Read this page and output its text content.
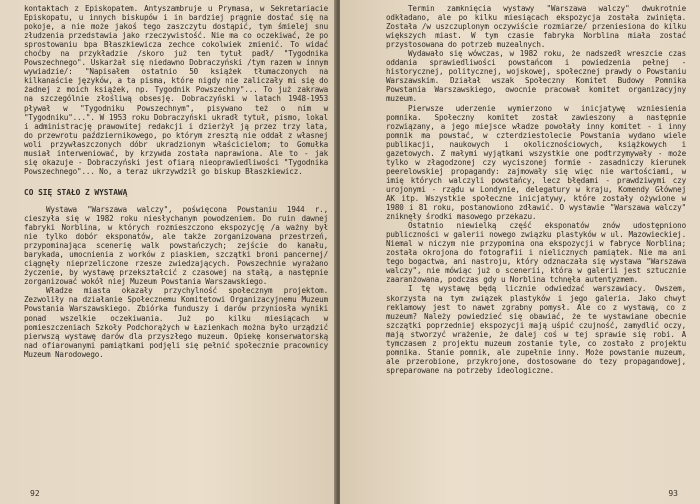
kontaktach z Episkopatem. Antyszambruje u Prymasa, w Sekretariacie Episkopatu, u innych biskupów i in bardziej prągnie dostać się na pokoje, a nie może jakoś tego zaszczytu dostąpić, tym śmielej snu złudzenia przedstawia jako rzeczywistość. Nie ma co oczekiwać, że po sprostowaniu bpa Błaszkiewicza zechce cokolwiek zmienić. To widać choćby na przykładzie /skoro już ten tytuł padł/ "Tygodnika Powszechnego". Uskarżał się niedawno Dobraczyński /tym razem w innym wywiadzie/: "Napisałem ostatnio 50 książek tłumaczonych na kilkanaście języków, a ta pisma, które nigdy nie zaliczały mi się do żadnej z moich książek, np. Tygodnik Powszechny"... To już zakrawa na szczególnie złośliwą obsesję. Dobraczyński w latach 1948-1953 pływał w "Tygodniku Powszechnym", pisywano też o nim w "Tygodniku"...". W 1953 roku Dobraczyński ukradł tytuł, pismo, lokal i administrację prawowitej redakcji i dzierżył ją przez trzy lata, do przewrotu październikowego, po którym zresztą nie oddał z własnej woli przywłaszczonych dóbr ukradzionym właścicielom; to Gomułka musiał interweniować, by krzywda została naprawiona. Ale to - jak się okazuje - Dobraczyński jest ofiarą nieoprawiedliwości "Tygodnika Powszechnego"... No, a teraz ukrzywdził go biskup Błaszkiewicz.

CO SIĘ STAŁO Z WYSTAWĄ

Wystawa "Warszawa walczy", poświęcona Powstaniu 1944 r., cieszyła się w 1982 roku niesłychanym powodzeniem. Do ruin dawnej fabryki Norblina, w których rozmieszczono ekspozycję /a ważny był nie tylko dobór eksponatów, ale także zorganizowana przestrzeń, przypominająca scenerię walk powstańczych; zejście do kanału, barykada, umocnienia z worków z piaskiem, szczątki broni pancernej/ ciągnęły nieprzeliczone rzesze zwiedzających. Powszechnie wyrażano życzenie, by wystawę przekształcić z czasowej na stałą, a następnie zorganizować wokół niej Muzeum Powstania Warszawskiego.

Władze miasta okazały przychylność społecznym projektom. Zezwoliły na działanie Społecznemu Komitetowi Organizacyjnemu Muzeum Powstania Warszawskiego. Zbiórka funduszy i darów przyniosła wyniki ponad wszelkie oczekiwania. Już po kilku miesiącach w pomieszczeniach Szkoły Podchorążych w Łazienkach można było urządzić pierwszą wystawę darów dla przyszłego muzeum. Opiekę konserwatorską nad ofiarowanymi pamiątkami podjęli się pełnić społecznie pracownicy Muzeum Narodowego.

92

Termin zamknięcia wystawy "Warszawa walczy" dwukrotnie odkładano, ale po kilku miesiącach ekspozycja została zwinięta. Została /w uszczuplonym oczywiście rozmiarze/ przeniesiona do kilku większych miast. W tym czasie fabryka Norblina miała zostać przystosowana do potrzeb muzealnych.

Wydawało się wówczas, w 1982 roku, że nadszedł wreszcie czas oddania sprawiedliwości powstańcom i powiedzenia pełnej - historycznej, politycznej, wojskowej, społecznej prawdy o Powstaniu Warszawskim. Działał wszak Społeczny Komitet Budowy Pomnika Powstania Warszawskiego, owocnie pracował komitet organizacyjny muzeum.

Pierwsze uderzenie wymierzono w inicjatywę wzniesienia pomnika. Społeczny komitet został zawieszony a następnie rozwiązany, a jego miejsce władze powołały inny komitet - i inny pomnik ma powstać, w czterdziestolecie Powstania wydano wiele publikacji, naukowych i okolicznościowych, książkowych i gazetowych. Z małymi wyjątkami wszystkie one podtrzymywały - może tylko w złagodzonej czy wyciszonej formie - zasadniczy kierunek peerelowskiej propagandy: zajmowały się więc nie wartościami, w imię których walczyli powstańcy, lecz błędami - prawdziwymi czy urojonymi - rządu w Londynie, delegatury w kraju, Komendy Głównej AK itp. Wszystkie społeczne inicjatywy, które zostały ożywione w 1980 i 81 roku, postanowiono zdławić. O wystawie "Warszawa walczy" zniknęły środki masowego przekazu.

Ostatnio niewielką część eksponatów znów udostępniono publiczności w galerii nowego związku plastyków w ul. Mazowieckiej. Niemal w niczym nie przypomina ona ekspozycji w fabryce Norblina; została okrojona do fotografii i nielicznych pamiątek. Nie ma ani tego bogactwa, ani nastroju, który odznaczała się wystawa "Warszawa walczy", nie mówiąc już o scenerii, która w galerii jest sztucznie zaaranżowana, podczas gdy u Norblina tchnęła autentyzmem.

I tę wystawę będą licznie odwiedzać warszawiacy. Owszem, skorzysta na tym związek plastyków i jego galeria. Jako chwyt reklamowy jest to nawet zgrabny pomysł. Ale co z wystawą, co z muzeum? Należy powiedzieć się obawiać, że te wystawiane obecnie szczątki poprzedniej ekspozycji mają uśpić czujność, zamydlić oczy, mają stworzyć wrażenie, że dalej coś w tej sprawie się robi. A tymczasem z projektu muzeum zostanie tyle, co zostało z projektu pomnika. Stanie pomnik, ale zupełnie inny. Może powstanie muzeum, ale przerobione, przykrojone, dostosowane do tezy propagandowej, spreparowane na potrzeby ideologiczne.

93
